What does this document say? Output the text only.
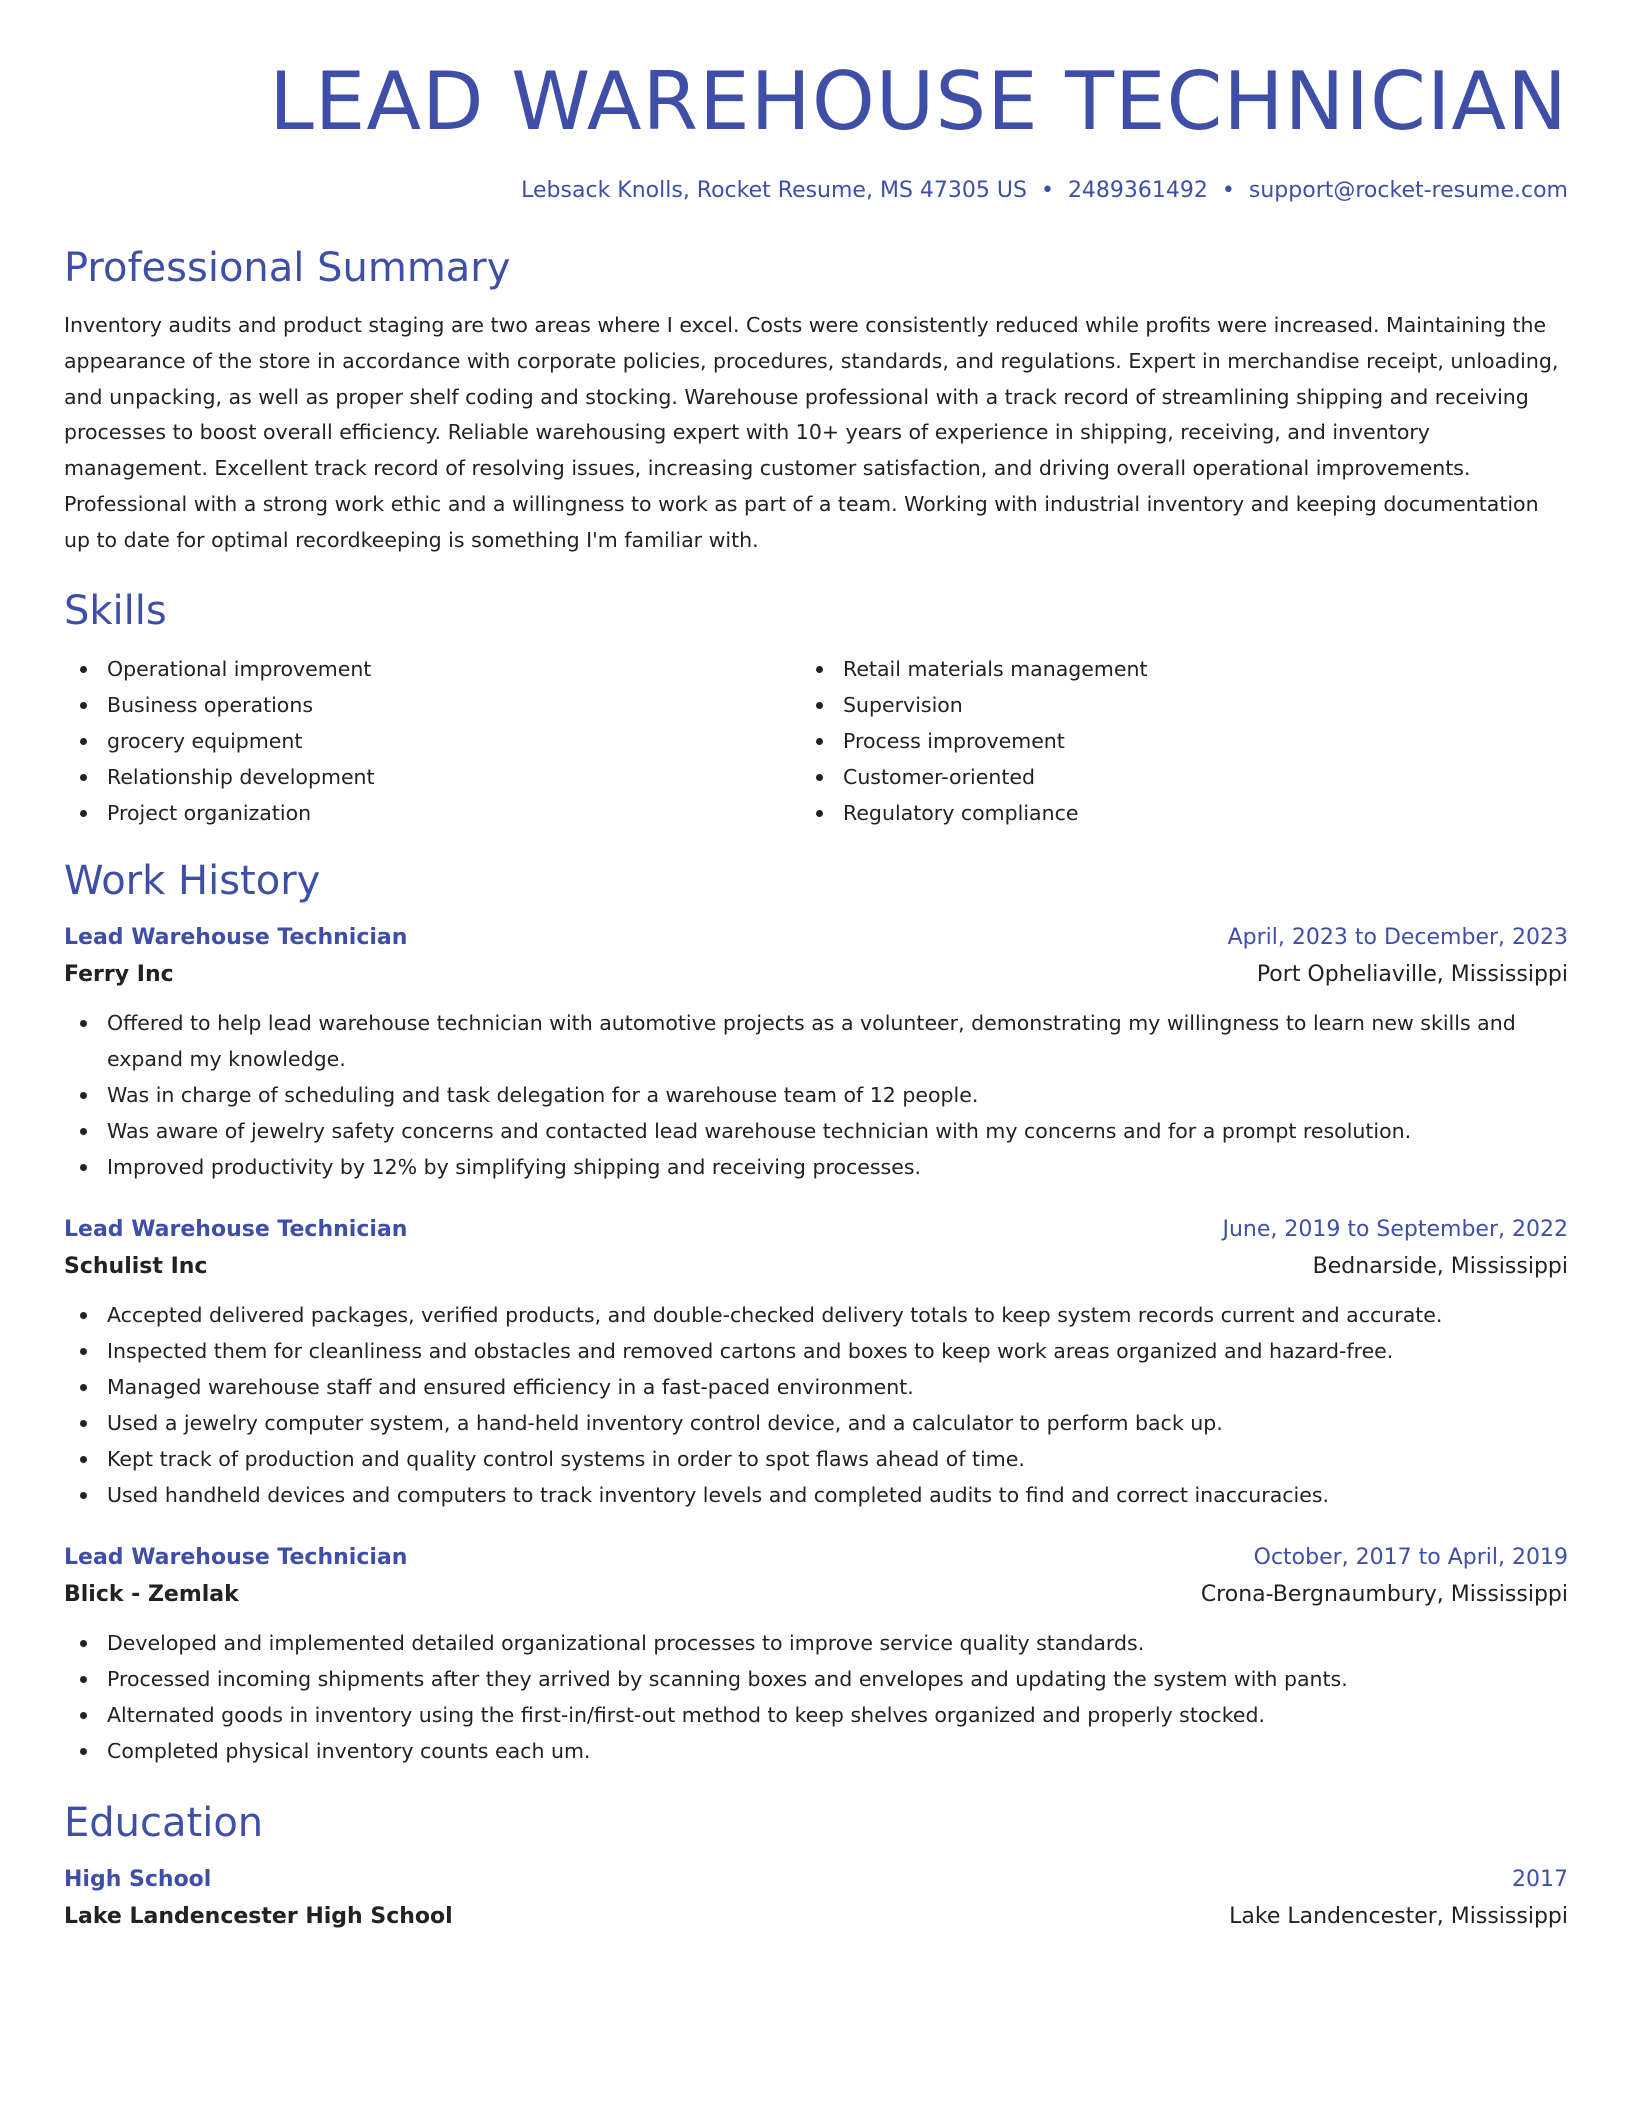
LEAD WAREHOUSE TECHNICIAN
Lebsack Knolls, Rocket Resume, MS 47305 US • 2489361492 • support@rocket-resume.com
Professional Summary

Inventory audits and product staging are two areas where I excel. Costs were consistently reduced while profits were increased. Maintaining the appearance of the store in accordance with corporate policies, procedures, standards, and regulations. Expert in merchandise receipt, unloading, and unpacking, as well as proper shelf coding and stocking. Warehouse professional with a track record of streamlining shipping and receiving processes to boost overall efficiency. Reliable warehousing expert with 10+ years of experience in shipping, receiving, and inventory management. Excellent track record of resolving issues, increasing customer satisfaction, and driving overall operational improvements. Professional with a strong work ethic and a willingness to work as part of a team. Working with industrial inventory and keeping documentation up to date for optimal recordkeeping is something I'm familiar with.

Skills
Operational improvement
Business operations
grocery equipment
Relationship development
Project organization
Retail materials management
Supervision
Process improvement
Customer-oriented
Regulatory compliance
Work History
Lead Warehouse Technician	April, 2023 to December, 2023
Ferry Inc	Port Opheliaville, Mississippi
Offered to help lead warehouse technician with automotive projects as a volunteer, demonstrating my willingness to learn new skills and expand my knowledge.
Was in charge of scheduling and task delegation for a warehouse team of 12 people.
Was aware of jewelry safety concerns and contacted lead warehouse technician with my concerns and for a prompt resolution.
Improved productivity by 12% by simplifying shipping and receiving processes.
Lead Warehouse Technician	June, 2019 to September, 2022
Schulist Inc	Bednarside, Mississippi
Accepted delivered packages, verified products, and double-checked delivery totals to keep system records current and accurate.
Inspected them for cleanliness and obstacles and removed cartons and boxes to keep work areas organized and hazard-free.
Managed warehouse staff and ensured efficiency in a fast-paced environment.
Used a jewelry computer system, a hand-held inventory control device, and a calculator to perform back up.
Kept track of production and quality control systems in order to spot flaws ahead of time.
Used handheld devices and computers to track inventory levels and completed audits to find and correct inaccuracies.
Lead Warehouse Technician	October, 2017 to April, 2019
Blick - Zemlak	Crona-Bergnaumbury, Mississippi
Developed and implemented detailed organizational processes to improve service quality standards.
Processed incoming shipments after they arrived by scanning boxes and envelopes and updating the system with pants.
Alternated goods in inventory using the first-in/first-out method to keep shelves organized and properly stocked.
Completed physical inventory counts each um.
Education
High School	2017
Lake Landencester High School	Lake Landencester, Mississippi
